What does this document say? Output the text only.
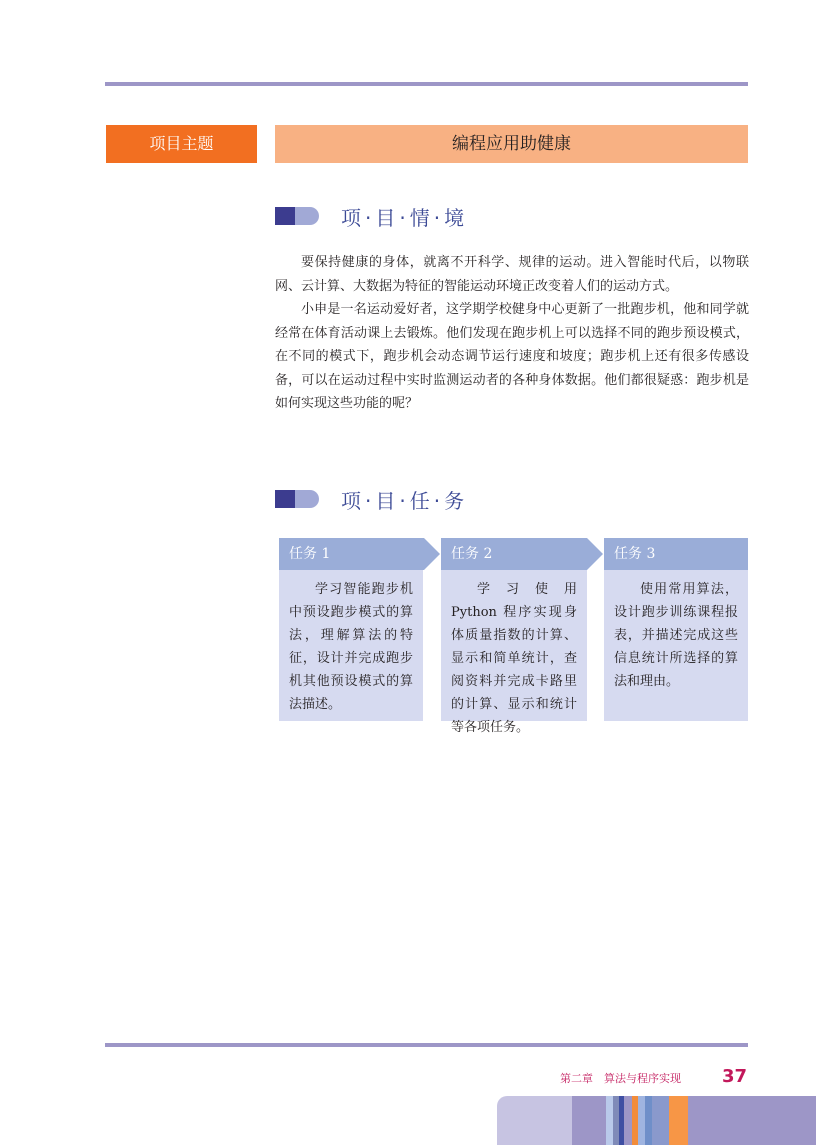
项目主题	编程应用助健康
项·目·情·境

要保持健康的身体，就离不开科学、规律的运动。进入智能时代后，以物联网、云计算、大数据为特征的智能运动环境正改变着人们的运动方式。

小申是一名运动爱好者，这学期学校健身中心更新了一批跑步机，他和同学就经常在体育活动课上去锻炼。他们发现在跑步机上可以选择不同的跑步预设模式，在不同的模式下，跑步机会动态调节运行速度和坡度；跑步机上还有很多传感设备，可以在运动过程中实时监测运动者的各种身体数据。他们都很疑惑：跑步机是如何实现这些功能的呢？

项·目·任·务
任务 1
学习智能跑步机中预设跑步模式的算法，理解算法的特征，设计并完成跑步机其他预设模式的算法描述。
任务 2
学习使用 Python 程序实现身体质量指数的计算、显示和简单统计，查阅资料并完成卡路里的计算、显示和统计等各项任务。
任务 3
使用常用算法，设计跑步训练课程报表，并描述完成这些信息统计所选择的算法和理由。
第二章　算法与程序实现	37
